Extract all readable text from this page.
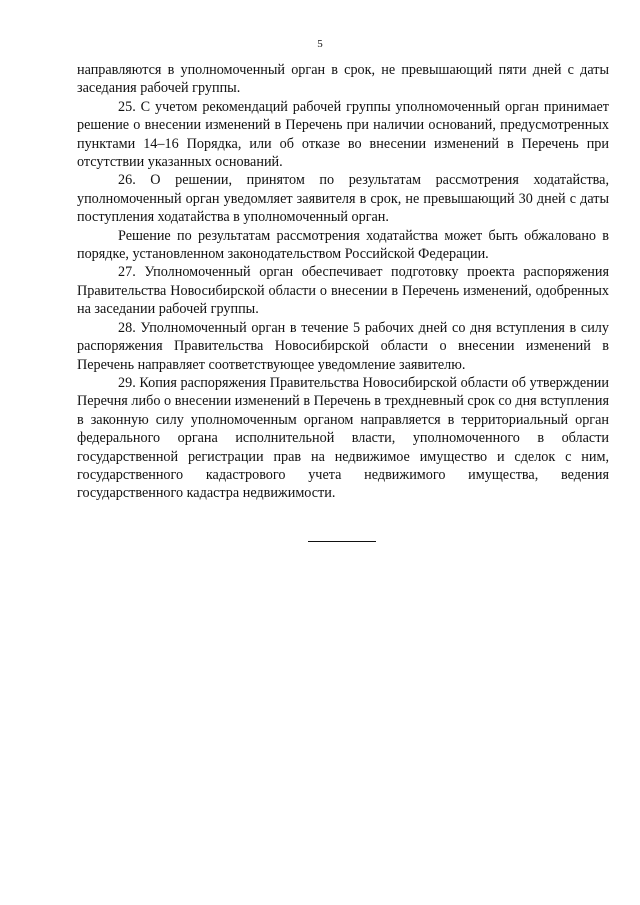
5

направляются в уполномоченный орган в срок, не превышающий пяти дней с даты заседания рабочей группы.

25. С учетом рекомендаций рабочей группы уполномоченный орган принимает решение о внесении изменений в Перечень при наличии оснований, предусмотренных пунктами 14–16 Порядка, или об отказе во внесении изменений в Перечень при отсутствии указанных оснований.

26. О решении, принятом по результатам рассмотрения ходатайства, уполномоченный орган уведомляет заявителя в срок, не превышающий 30 дней с даты поступления ходатайства в уполномоченный орган.

Решение по результатам рассмотрения ходатайства может быть обжаловано в порядке, установленном законодательством Российской Федерации.

27. Уполномоченный орган обеспечивает подготовку проекта распоряжения Правительства Новосибирской области о внесении в Перечень изменений, одобренных на заседании рабочей группы.

28. Уполномоченный орган в течение 5 рабочих дней со дня вступления в силу распоряжения Правительства Новосибирской области о внесении изменений в Перечень направляет соответствующее уведомление заявителю.

29. Копия распоряжения Правительства Новосибирской области об утверждении Перечня либо о внесении изменений в Перечень в трехдневный срок со дня вступления в законную силу уполномоченным органом направляется в территориальный орган федерального органа исполнительной власти, уполномоченного в области государственной регистрации прав на недвижимое имущество и сделок с ним, государственного кадастрового учета недвижимого имущества, ведения государственного кадастра недвижимости.
